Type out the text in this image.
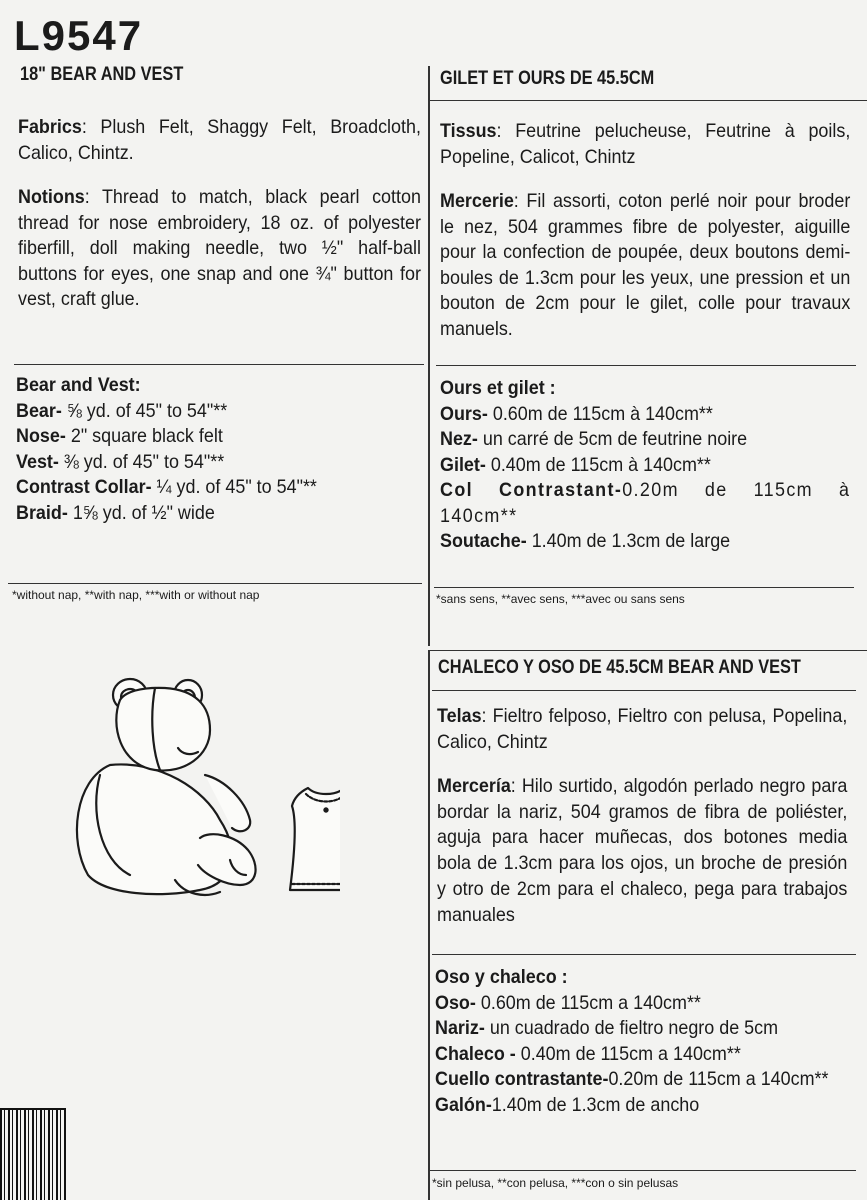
L9547
18" BEAR AND VEST
Fabrics: Plush Felt, Shaggy Felt, Broadcloth, Calico, Chintz.
Notions: Thread to match, black pearl cotton thread for nose embroidery, 18 oz. of polyester fiberfill, doll making needle, two ½" half-ball buttons for eyes, one snap and one ¾" button for vest, craft glue.
Bear and Vest:
Bear- ⅝ yd. of 45" to 54"**
Nose- 2" square black felt
Vest- ⅜ yd. of 45" to 54"**
Contrast Collar- ¼ yd. of 45" to 54"**
Braid- 1⅝ yd. of ½" wide
*without nap, **with nap, ***with or without nap
GILET ET OURS DE 45.5CM
Tissus: Feutrine pelucheuse, Feutrine à poils, Popeline, Calicot, Chintz
Mercerie: Fil assorti, coton perlé noir pour broder le nez, 504 grammes fibre de polyester, aiguille pour la confection de poupée, deux boutons demi-boules de 1.3cm pour les yeux, une pression et un bouton de 2cm pour le gilet, colle pour travaux manuels.
Ours et gilet :
Ours- 0.60m de 115cm à 140cm**
Nez- un carré de 5cm de feutrine noire
Gilet- 0.40m de 115cm à 140cm**
Col Contrastant-0.20m de 115cm à 140cm**
Soutache- 1.40m de 1.3cm de large
*sans sens, **avec sens, ***avec ou sans sens
CHALECO Y OSO DE 45.5CM BEAR AND VEST
Telas: Fieltro felposo, Fieltro con pelusa, Popelina, Calico, Chintz
Mercería: Hilo surtido, algodón perlado negro para bordar la nariz, 504 gramos de fibra de poliéster, aguja para hacer muñecas, dos botones media bola de 1.3cm para los ojos, un broche de presión y otro de 2cm para el chaleco, pega para trabajos manuales
Oso y chaleco :
Oso- 0.60m de 115cm a 140cm**
Nariz- un cuadrado de fieltro negro de 5cm
Chaleco - 0.40m de 115cm a 140cm**
Cuello contrastante-0.20m de 115cm a 140cm**
Galón-1.40m de 1.3cm de ancho
*sin pelusa, **con pelusa, ***con o sin pelusas
